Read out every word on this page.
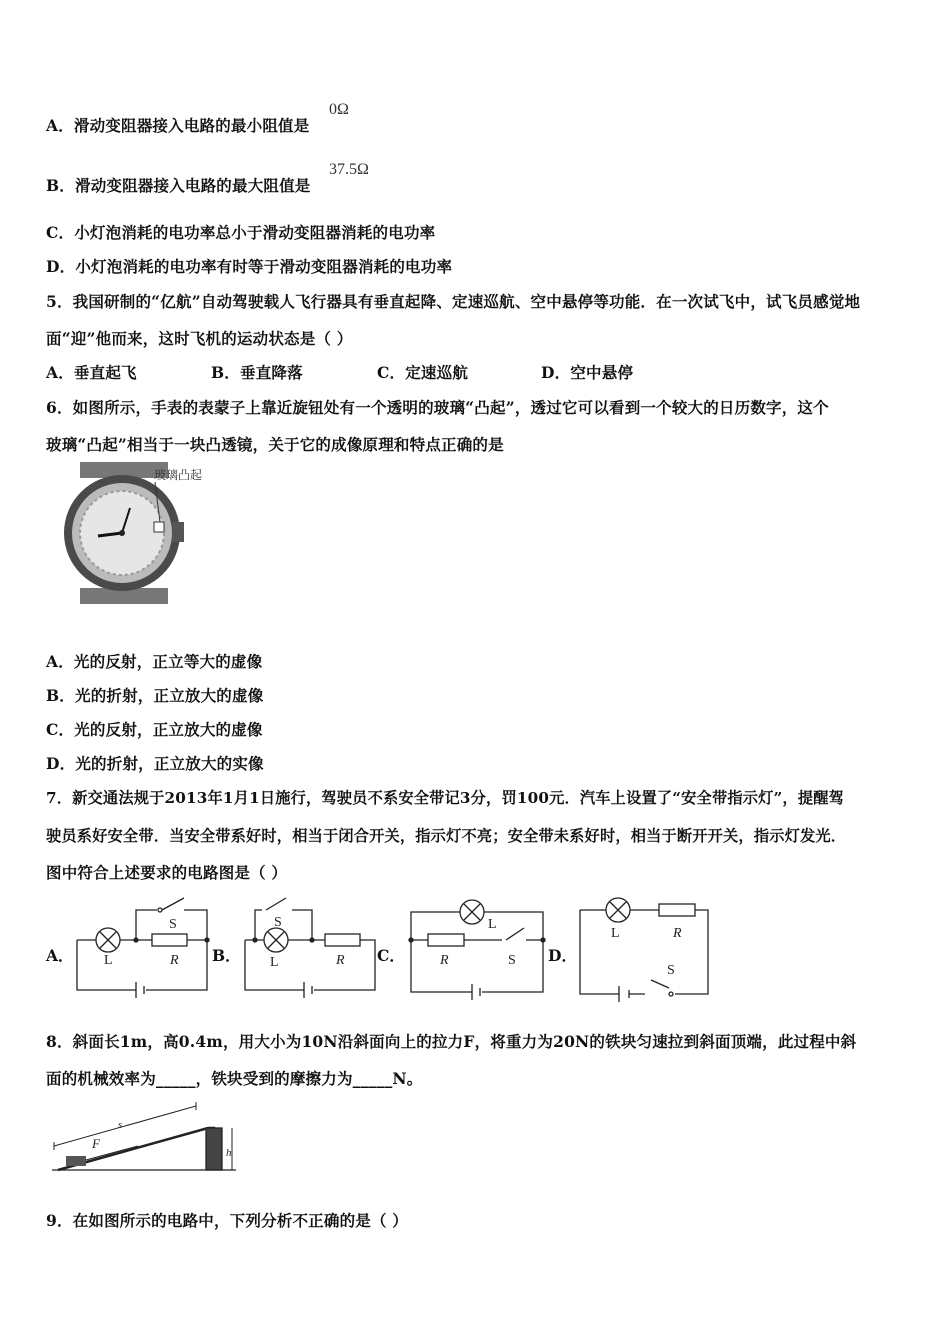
A．滑动变阻器接入电路的最小阻值是
0Ω
B．滑动变阻器接入电路的最大阻值是
37.5Ω
C．小灯泡消耗的电功率总小于滑动变阻器消耗的电功率
D．小灯泡消耗的电功率有时等于滑动变阻器消耗的电功率
5．我国研制的“亿航”自动驾驶载人飞行器具有垂直起降、定速巡航、空中悬停等功能．在一次试飞中，试飞员感觉地
面“迎”他而来，这时飞机的运动状态是（ ）
A．垂直起飞	B．垂直降落	C．定速巡航	D．空中悬停
6．如图所示，手表的表蒙子上靠近旋钮处有一个透明的玻璃“凸起”，透过它可以看到一个较大的日历数字，这个
玻璃“凸起”相当于一块凸透镜，关于它的成像原理和特点正确的是
玻璃凸起
A．光的反射，正立等大的虚像
B．光的折射，正立放大的虚像
C．光的反射，正立放大的虚像
D．光的折射，正立放大的实像
7．新交通法规于2013年1月1日施行，驾驶员不系安全带记3分，罚100元．汽车上设置了“安全带指示灯”，提醒驾
驶员系好安全带．当安全带系好时，相当于闭合开关，指示灯不亮；安全带未系好时，相当于断开开关，指示灯发光．
图中符合上述要求的电路图是（ ）
A．	B．	C．	D．
S
L	R
S
L	R
L
R	S
L	R
S
8．斜面长1m，高0.4m，用大小为10N沿斜面向上的拉力F，将重力为20N的铁块匀速拉到斜面顶端，此过程中斜
面的机械效率为_____，铁块受到的摩擦力为_____N。
s
F
h
9．在如图所示的电路中，下列分析不正确的是（ ）
